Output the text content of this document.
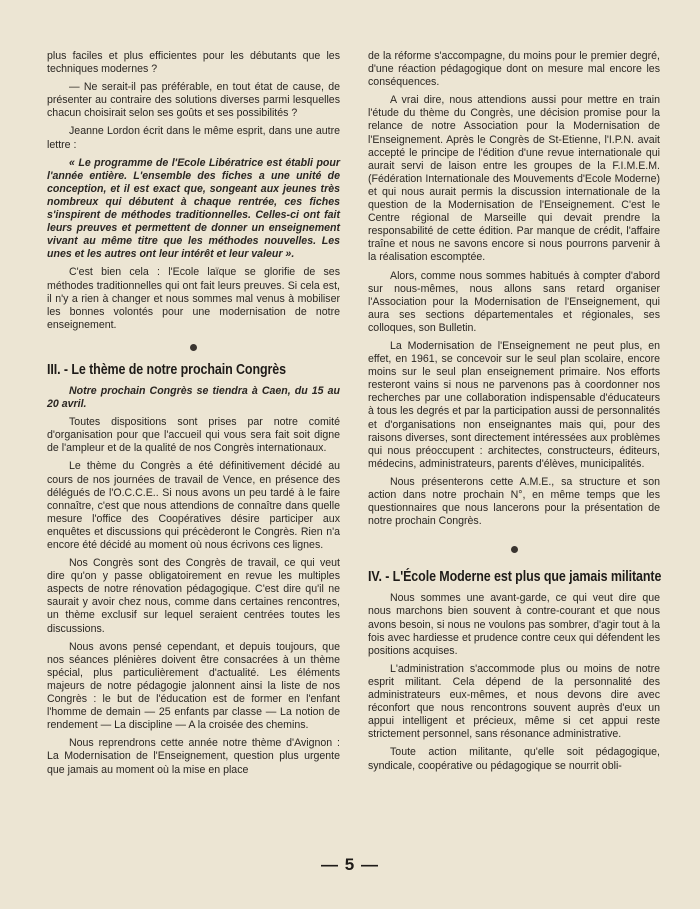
plus faciles et plus efficientes pour les débutants que les techniques modernes ?

— Ne serait-il pas préférable, en tout état de cause, de présenter au contraire des solutions diverses parmi lesquelles chacun choisirait selon ses goûts et ses possibilités ?

Jeanne Lordon écrit dans le même esprit, dans une autre lettre :

« Le programme de l'Ecole Libératrice est établi pour l'année entière. L'ensemble des fiches a une unité de conception, et il est exact que, songeant aux jeunes très nombreux qui débutent à chaque rentrée, ces fiches s'inspirent de méthodes traditionnelles. Celles-ci ont fait leurs preuves et permettent de donner un enseignement vivant au même titre que les méthodes nouvelles. Les unes et les autres ont leur intérêt et leur valeur ».

C'est bien cela : l'Ecole laïque se glorifie de ses méthodes traditionnelles qui ont fait leurs preuves. Si cela est, il n'y a rien à changer et nous sommes mal venus à mobiliser les bonnes volontés pour une modernisation de notre enseignement.

III. - Le thème de notre prochain Congrès

Notre prochain Congrès se tiendra à Caen, du 15 au 20 avril.

Toutes dispositions sont prises par notre comité d'organisation pour que l'accueil qui vous sera fait soit digne de l'ampleur et de la qualité de nos Congrès internationaux.

Le thème du Congrès a été définitivement décidé au cours de nos journées de travail de Vence, en présence des délégués de l'O.C.C.E.. Si nous avons un peu tardé à le faire connaître, c'est que nous attendions de connaître dans quelle mesure l'office des Coopératives désire participer aux enquêtes et discussions qui précèderont le Congrès. Rien n'a encore été décidé au moment où nous écrivons ces lignes.

Nos Congrès sont des Congrès de travail, ce qui veut dire qu'on y passe obligatoirement en revue les multiples aspects de notre rénovation pédagogique. C'est dire qu'il ne saurait y avoir chez nous, comme dans certaines rencontres, un thème exclusif sur lequel seraient centrées toutes les discussions.

Nous avons pensé cependant, et depuis toujours, que nos séances plénières doivent être consacrées à un thème spécial, plus particulièrement d'actualité. Les éléments majeurs de notre pédagogie jalonnent ainsi la liste de nos Congrès : le but de l'éducation est de former en l'enfant l'homme de demain — 25 enfants par classe — La notion de rendement — La discipline — A la croisée des chemins.

Nous reprendrons cette année notre thème d'Avignon : La Modernisation de l'Enseignement, question plus urgente que jamais au moment où la mise en place

de la réforme s'accompagne, du moins pour le premier degré, d'une réaction pédagogique dont on mesure mal encore les conséquences.

A vrai dire, nous attendions aussi pour mettre en train l'étude du thème du Congrès, une décision promise pour la relance de notre Association pour la Modernisation de l'Enseignement. Après le Congrès de St-Etienne, l'I.P.N. avait accepté le principe de l'édition d'une revue internationale qui aurait servi de laison entre les groupes de la F.I.M.E.M. (Fédération Internationale des Mouvements d'Ecole Moderne) et qui nous aurait permis la discussion internationale de la question de la Modernisation de l'Enseignement. C'est le Centre régional de Marseille qui devait prendre la responsabilité de cette édition. Par manque de crédit, l'affaire traîne et nous ne savons encore si nous pourrons parvenir à la réalisation escomptée.

Alors, comme nous sommes habitués à compter d'abord sur nous-mêmes, nous allons sans retard organiser l'Association pour la Modernisation de l'Enseignement, qui aura ses sections départementales et régionales, ses colloques, son Bulletin.

La Modernisation de l'Enseignement ne peut plus, en effet, en 1961, se concevoir sur le seul plan scolaire, encore moins sur le seul plan enseignement primaire. Nos efforts resteront vains si nous ne parvenons pas à coordonner nos recherches par une collaboration indispensable d'éducateurs à tous les degrés et par la participation aussi de personnalités et d'organisations non enseignantes mais qui, pour des raisons diverses, sont directement intéressées aux problèmes qui nous préoccupent : architectes, constructeurs, éditeurs, médecins, administrateurs, parents d'élèves, municipalités.

Nous présenterons cette A.M.E., sa structure et son action dans notre prochain N°, en même temps que les questionnaires que nous lancerons pour la présentation de notre prochain Congrès.

IV. - L'École Moderne est plus que jamais militante

Nous sommes une avant-garde, ce qui veut dire que nous marchons bien souvent à contre-courant et que nous avons besoin, si nous ne voulons pas sombrer, d'agir tout à la fois avec hardiesse et prudence contre ceux qui défendent les positions acquises.

L'administration s'accommode plus ou moins de notre esprit militant. Cela dépend de la personnalité des administrateurs eux-mêmes, et nous devons dire avec réconfort que nous rencontrons souvent auprès d'eux un appui intelligent et précieux, même si cet appui reste strictement personnel, sans résonance administrative.

Toute action militante, qu'elle soit pédagogique, syndicale, coopérative ou pédagogique se nourrit obli-

— 5 —
